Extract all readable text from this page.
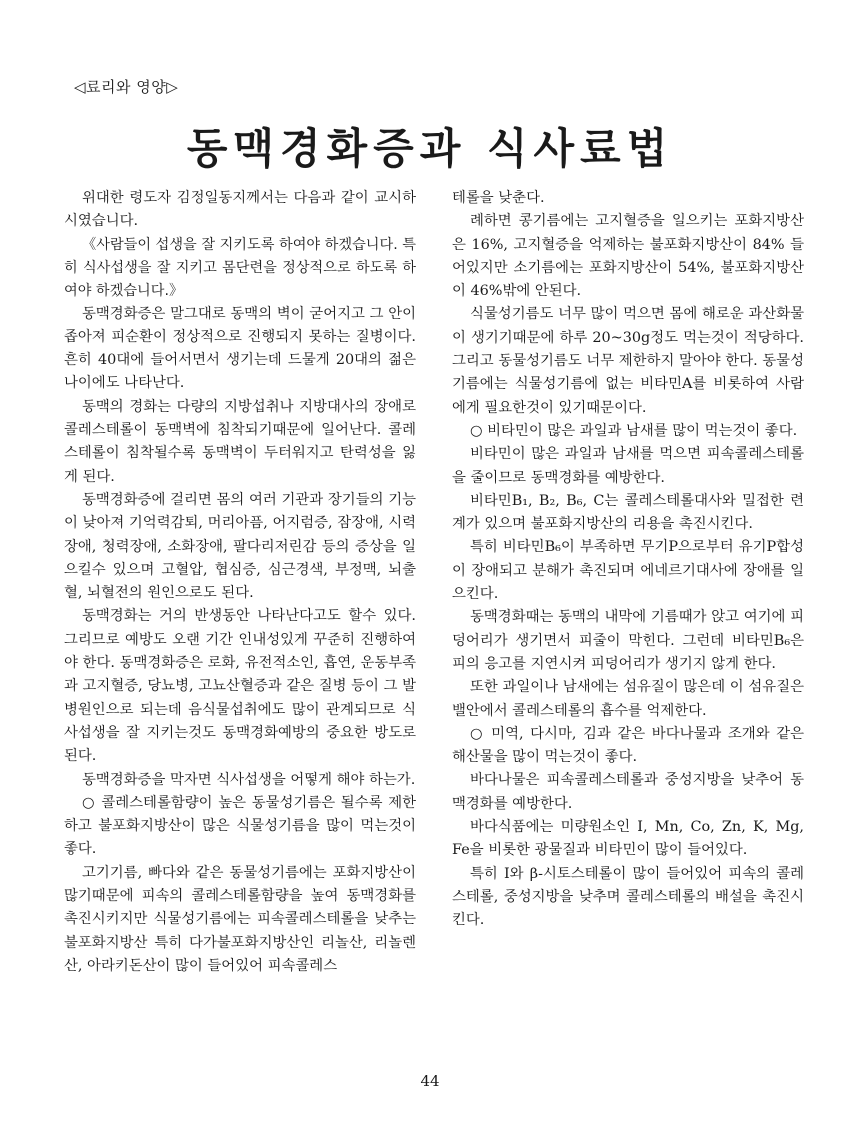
◁료리와 영양▷
동맥경화증과 식사료법

위대한 령도자 김정일동지께서는 다음과 같이 교시하시였습니다.

《사람들이 섭생을 잘 지키도록 하여야 하겠습니다. 특히 식사섭생을 잘 지키고 몸단련을 정상적으로 하도록 하여야 하겠습니다.》

동맥경화증은 말그대로 동맥의 벽이 굳어지고 그 안이 좁아져 피순환이 정상적으로 진행되지 못하는 질병이다. 흔히 40대에 들어서면서 생기는데 드물게 20대의 젊은 나이에도 나타난다.

동맥의 경화는 다량의 지방섭취나 지방대사의 장애로 콜레스테롤이 동맥벽에 침착되기때문에 일어난다. 콜레스테롤이 침착될수록 동맥벽이 두터워지고 탄력성을 잃게 된다.

동맥경화증에 걸리면 몸의 여러 기관과 장기들의 기능이 낮아져 기억력감퇴, 머리아픔, 어지럼증, 잠장애, 시력장애, 청력장애, 소화장애, 팔다리저린감 등의 증상을 일으킬수 있으며 고혈압, 협심증, 심근경색, 부정맥, 뇌출혈, 뇌혈전의 원인으로도 된다.

동맥경화는 거의 반생동안 나타난다고도 할수 있다. 그리므로 예방도 오랜 기간 인내성있게 꾸준히 진행하여야 한다. 동맥경화증은 로화, 유전적소인, 흡연, 운동부족과 고지혈증, 당뇨병, 고뇨산혈증과 같은 질병 등이 그 발병원인으로 되는데 음식물섭취에도 많이 관계되므로 식사섭생을 잘 지키는것도 동맥경화예방의 중요한 방도로 된다.

동맥경화증을 막자면 식사섭생을 어떻게 해야 하는가.

○ 콜레스테롤함량이 높은 동물성기름은 될수록 제한하고 불포화지방산이 많은 식물성기름을 많이 먹는것이 좋다.

고기기름, 빠다와 같은 동물성기름에는 포화지방산이 많기때문에 피속의 콜레스테롤함량을 높여 동맥경화를 촉진시키지만 식물성기름에는 피속콜레스테롤을 낮추는 불포화지방산 특히 다가불포화지방산인 리놀산, 리놀렌산, 아라키돈산이 많이 들어있어 피속콜레스

테롤을 낮춘다.

례하면 콩기름에는 고지혈증을 일으키는 포화지방산은 16%, 고지혈증을 억제하는 불포화지방산이 84% 들어있지만 소기름에는 포화지방산이 54%, 불포화지방산이 46%밖에 안된다.

식물성기름도 너무 많이 먹으면 몸에 해로운 과산화물이 생기기때문에 하루 20~30g정도 먹는것이 적당하다. 그리고 동물성기름도 너무 제한하지 말아야 한다. 동물성기름에는 식물성기름에 없는 비타민A를 비롯하여 사람에게 필요한것이 있기때문이다.

○ 비타민이 많은 과일과 남새를 많이 먹는것이 좋다.

비타민이 많은 과일과 남새를 먹으면 피속콜레스테롤을 줄이므로 동맥경화를 예방한다.

비타민B₁, B₂, B₆, C는 콜레스테롤대사와 밀접한 련계가 있으며 불포화지방산의 리용을 촉진시킨다.

특히 비타민B₆이 부족하면 무기P으로부터 유기P합성이 장애되고 분해가 촉진되며 에네르기대사에 장애를 일으킨다.

동맥경화때는 동맥의 내막에 기름때가 앉고 여기에 피덩어리가 생기면서 피줄이 막힌다. 그런데 비타민B₆은 피의 응고를 지연시켜 피덩어리가 생기지 않게 한다.

또한 과일이나 남새에는 섬유질이 많은데 이 섬유질은 밸안에서 콜레스테롤의 흡수를 억제한다.

○ 미역, 다시마, 김과 같은 바다나물과 조개와 같은 해산물을 많이 먹는것이 좋다.

바다나물은 피속콜레스테롤과 중성지방을 낮추어 동맥경화를 예방한다.

바다식품에는 미량원소인 I, Mn, Co, Zn, K, Mg, Fe을 비롯한 광물질과 비타민이 많이 들어있다.

특히 I와 β-시토스테롤이 많이 들어있어 피속의 콜레스테롤, 중성지방을 낮추며 콜레스테롤의 배설을 촉진시킨다.

44
